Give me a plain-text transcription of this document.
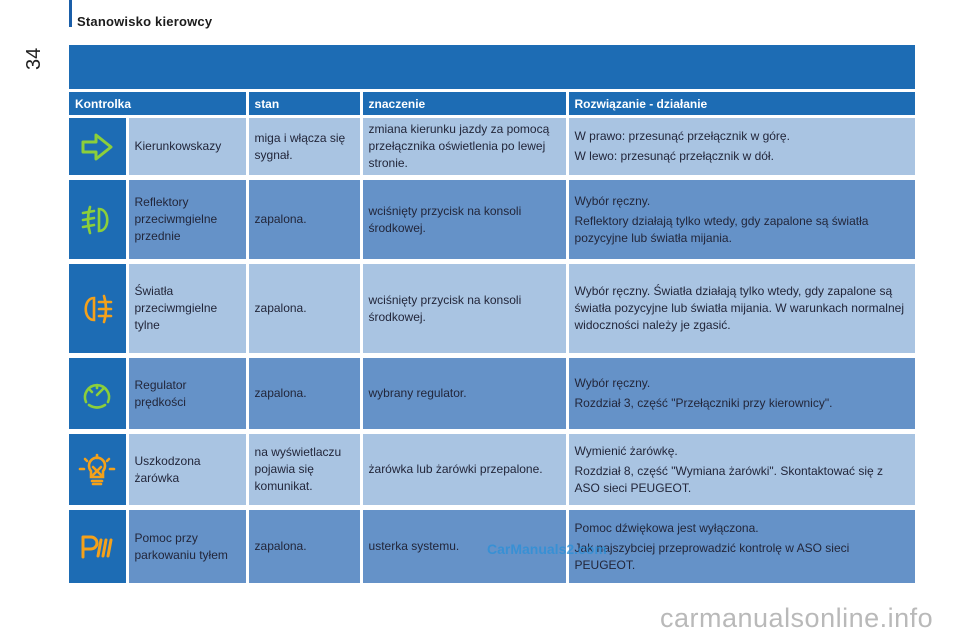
Stanowisko kierowcy
34
Kontrolka		stan	znaczenie	Rozwiązanie - działanie

	Kierunkowskazy	miga i włącza się sygnał.	zmiana kierunku jazdy za pomocą przełącznika oświetlenia po lewej stronie.	W prawo: przesunąć przełącznik w górę.

W lewo: przesunąć przełącznik w dół.

	Reflektory przeciwmgielne przednie	zapalona.	wciśnięty przycisk na konsoli środkowej.	Wybór ręczny.

Reflektory działają tylko wtedy, gdy zapalone są światła pozycyjne lub światła mijania.

	Światła przeciwmgielne tylne	zapalona.	wciśnięty przycisk na konsoli środkowej.	Wybór ręczny. Światła działają tylko wtedy, gdy zapalone są światła pozycyjne lub światła mijania. W warunkach normalnej widoczności należy je zgasić.

	Regulator prędkości	zapalona.	wybrany regulator.	Wybór ręczny.

Rozdział 3, część "Przełączniki przy kierownicy".

	Uszkodzona żarówka	na wyświetlaczu pojawia się komunikat.	żarówka lub żarówki przepalone.	Wymienić żarówkę.

Rozdział 8, część "Wymiana żarówki". Skontaktować się z ASO sieci PEUGEOT.

	Pomoc przy parkowaniu tyłem	zapalona.	usterka systemu.	Pomoc dźwiękowa jest wyłączona.

Jak najszybciej przeprowadzić kontrolę w ASO sieci PEUGEOT.

CarManuals2.com
carmanualsonline.info
